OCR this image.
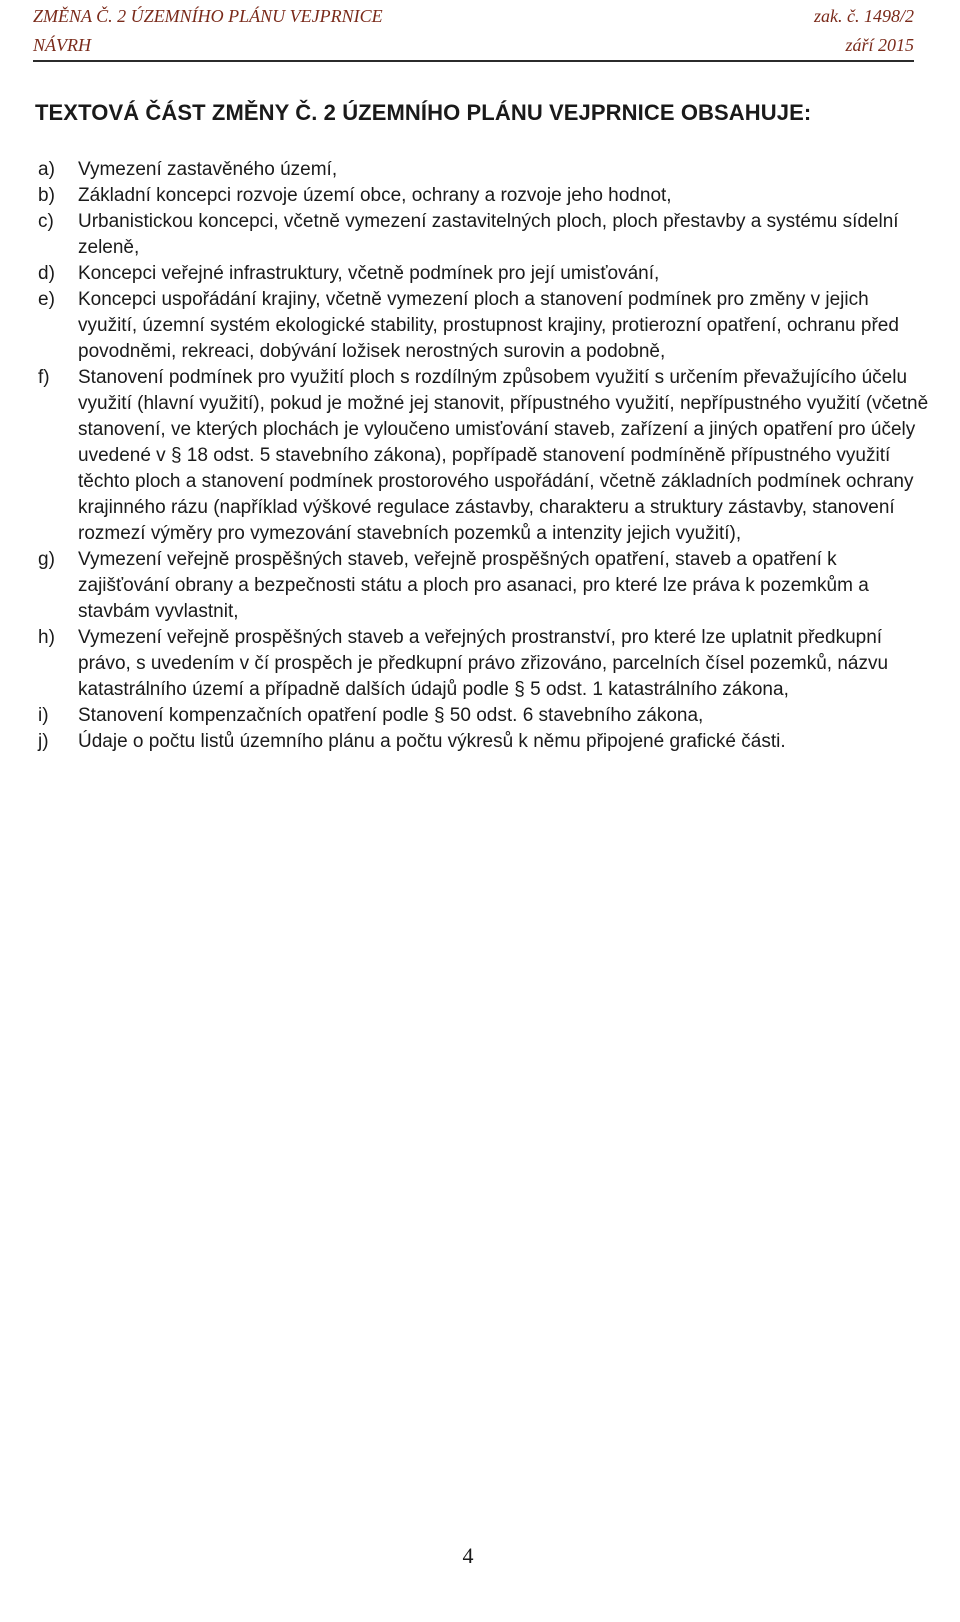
ZMĚNA Č. 2 ÚZEMNÍHO PLÁNU VEJPRNICE	zak. č. 1498/2
NÁVRH	září 2015
TEXTOVÁ ČÁST ZMĚNY Č. 2 ÚZEMNÍHO PLÁNU VEJPRNICE OBSAHUJE:
a) Vymezení zastavěného území,
b) Základní koncepci rozvoje území obce, ochrany a rozvoje jeho hodnot,
c) Urbanistickou koncepci, včetně vymezení zastavitelných ploch, ploch přestavby a systému sídelní zeleně,
d) Koncepci veřejné infrastruktury, včetně podmínek pro její umisťování,
e) Koncepci uspořádání krajiny, včetně vymezení ploch a stanovení podmínek pro změny v jejich využití, územní systém ekologické stability, prostupnost krajiny, protierozní opatření, ochranu před povodněmi, rekreaci, dobývání ložisek nerostných surovin a podobně,
f) Stanovení podmínek pro využití ploch s rozdílným způsobem využití s určením převažujícího účelu využití (hlavní využití), pokud je možné jej stanovit, přípustného využití, nepřípustného využití (včetně stanovení, ve kterých plochách je vyloučeno umisťování staveb, zařízení a jiných opatření pro účely uvedené v § 18 odst. 5 stavebního zákona), popřípadě stanovení podmíněně přípustného využití těchto ploch a stanovení podmínek prostorového uspořádání, včetně základních podmínek ochrany krajinného rázu (například výškové regulace zástavby, charakteru a struktury zástavby, stanovení rozmezí výměry pro vymezování stavebních pozemků a intenzity jejich využití),
g) Vymezení veřejně prospěšných staveb, veřejně prospěšných opatření, staveb a opatření k zajišťování obrany a bezpečnosti státu a ploch pro asanaci, pro které lze práva k pozemkům a stavbám vyvlastnit,
h) Vymezení veřejně prospěšných staveb a veřejných prostranství, pro které lze uplatnit předkupní právo, s uvedením v čí prospěch je předkupní právo zřizováno, parcelních čísel pozemků, názvu katastrálního území a případně dalších údajů podle § 5 odst. 1 katastrálního zákona,
i) Stanovení kompenzačních opatření podle § 50 odst. 6 stavebního zákona,
j) Údaje o počtu listů územního plánu a počtu výkresů k němu připojené grafické části.
4
